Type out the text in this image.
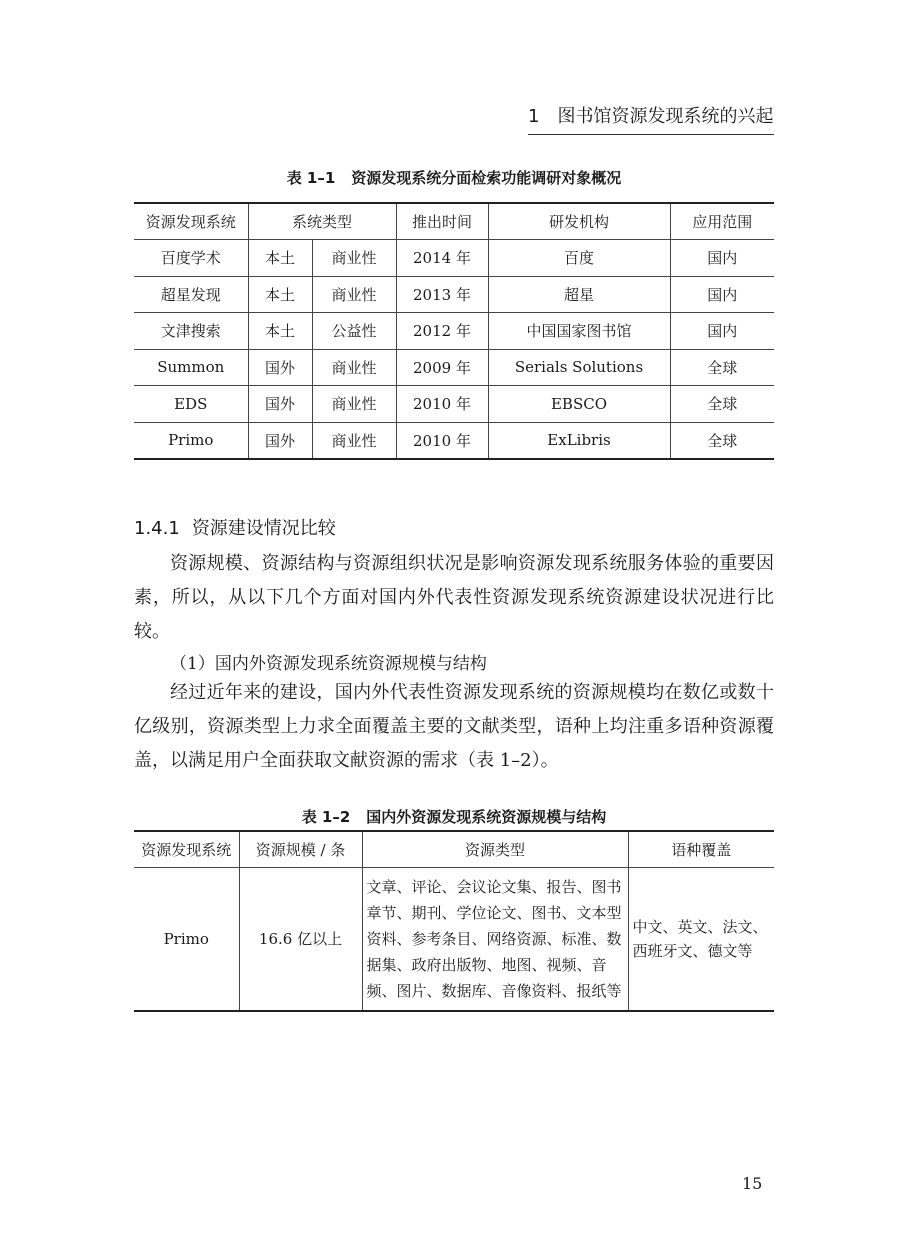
1　图书馆资源发现系统的兴起
表 1–1 资源发现系统分面检索功能调研对象概况
资源发现系统	系统类型		推出时间	研发机构	应用范围
百度学术	本土	商业性	2014 年	百度	国内
超星发现	本土	商业性	2013 年	超星	国内
文津搜索	本土	公益性	2012 年	中国国家图书馆	国内
Summon	国外	商业性	2009 年	Serials Solutions	全球
EDS	国外	商业性	2010 年	EBSCO	全球
Primo	国外	商业性	2010 年	ExLibris	全球
1.4.1 资源建设情况比较

资源规模、资源结构与资源组织状况是影响资源发现系统服务体验的重要因素，所以，从以下几个方面对国内外代表性资源发现系统资源建设状况进行比较。

（1）国内外资源发现系统资源规模与结构

经过近年来的建设，国内外代表性资源发现系统的资源规模均在数亿或数十亿级别，资源类型上力求全面覆盖主要的文献类型，语种上均注重多语种资源覆盖，以满足用户全面获取文献资源的需求（表 1–2）。

表 1–2 国内外资源发现系统资源规模与结构
资源发现系统	资源规模 / 条	资源类型	语种覆盖
Primo	16.6 亿以上	文章、评论、会议论文集、报告、图书章节、期刊、学位论文、图书、文本型资料、参考条目、网络资源、标准、数据集、政府出版物、地图、视频、音频、图片、数据库、音像资料、报纸等	中文、英文、法文、西班牙文、德文等
15
